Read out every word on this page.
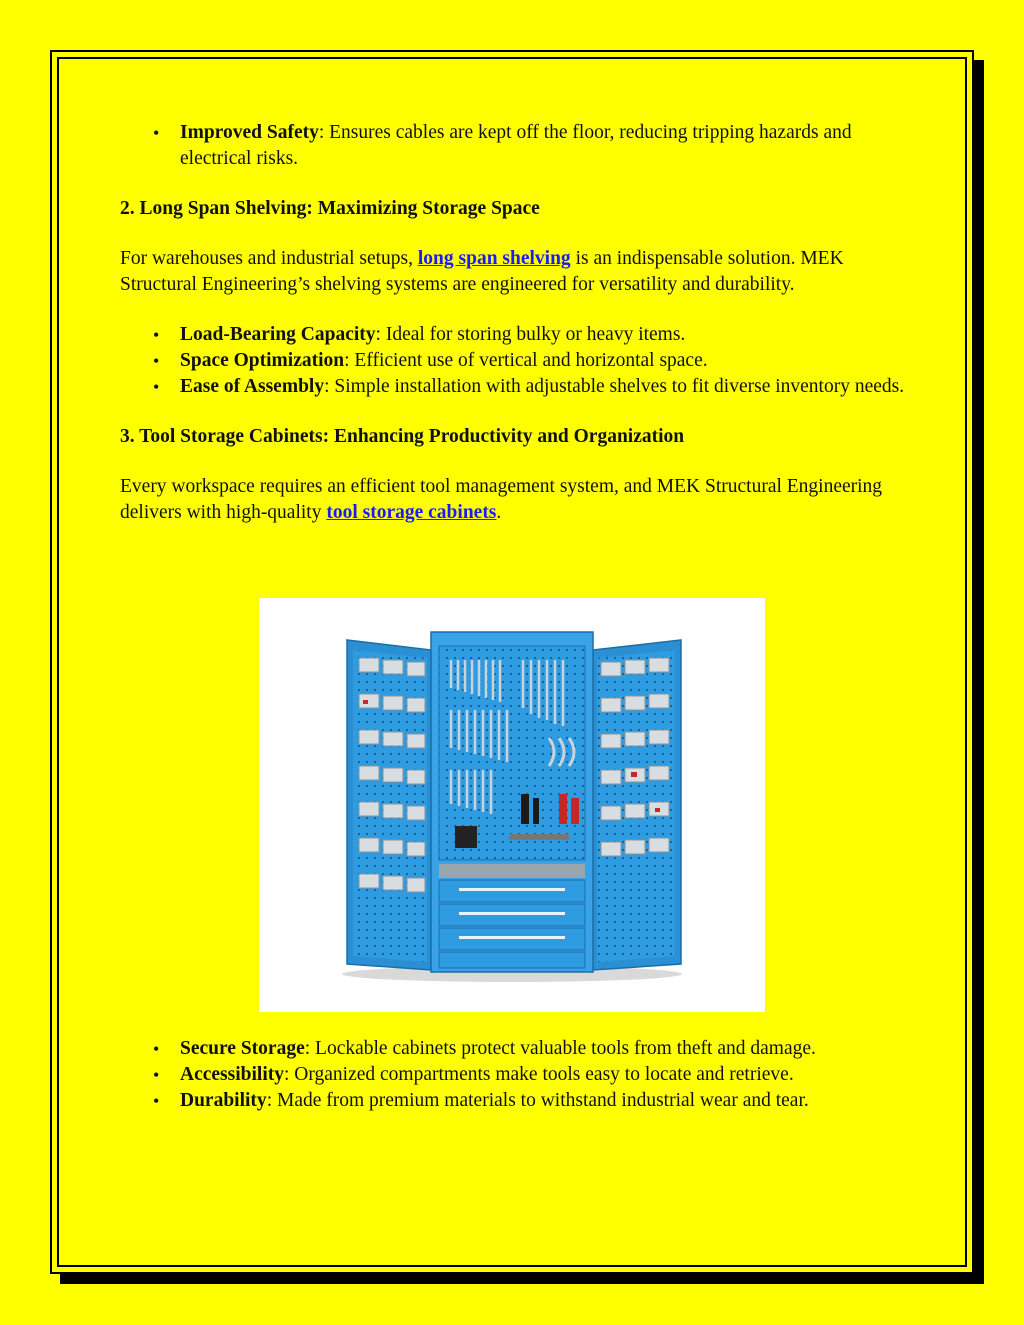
• Improved Safety: Ensures cables are kept off the floor, reducing tripping hazards and electrical risks.
2. Long Span Shelving: Maximizing Storage Space

For warehouses and industrial setups, long span shelving is an indispensable solution. MEK Structural Engineering’s shelving systems are engineered for versatility and durability.

• Load-Bearing Capacity: Ideal for storing bulky or heavy items.
• Space Optimization: Efficient use of vertical and horizontal space.
• Ease of Assembly: Simple installation with adjustable shelves to fit diverse inventory needs.
3. Tool Storage Cabinets: Enhancing Productivity and Organization

Every workspace requires an efficient tool management system, and MEK Structural Engineering delivers with high-quality tool storage cabinets.

• Secure Storage: Lockable cabinets protect valuable tools from theft and damage.
• Accessibility: Organized compartments make tools easy to locate and retrieve.
• Durability: Made from premium materials to withstand industrial wear and tear.
